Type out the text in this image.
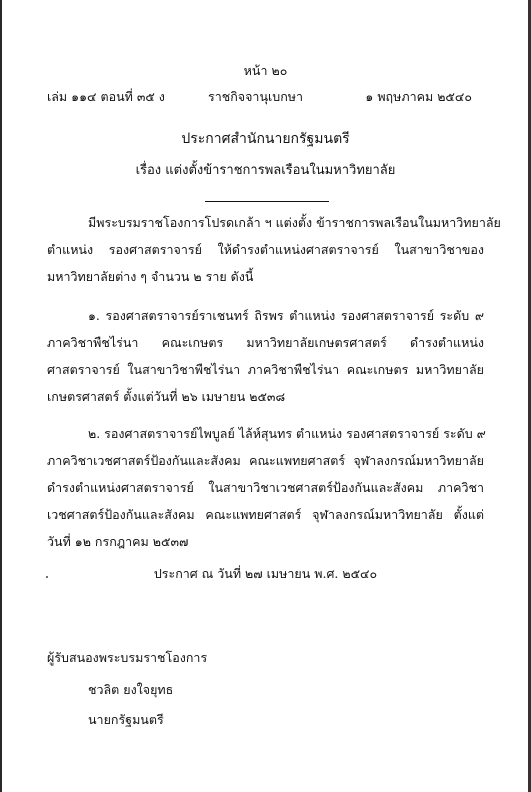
หน้า ๒๐
เล่ม ๑๑๔ ตอนที่ ๓๕ ง	ราชกิจจานุเบกษา	๑ พฤษภาคม ๒๕๔๐
ประกาศสำนักนายกรัฐมนตรี
เรื่อง แต่งตั้งข้าราชการพลเรือนในมหาวิทยาลัย
มีพระบรมราชโองการโปรดเกล้า ฯ แต่งตั้ง ข้าราชการพลเรือนในมหาวิทยาลัย
ตำแหน่ง รองศาสตราจารย์ ให้ดำรงตำแหน่งศาสตราจารย์ ในสาขาวิชาของ
มหาวิทยาลัยต่าง ๆ จำนวน ๒ ราย ดังนี้
๑. รองศาสตราจารย์ราเชนทร์ ถิรพร ตำแหน่ง รองศาสตราจารย์ ระดับ ๙
ภาควิชาพืชไร่นา คณะเกษตร มหาวิทยาลัยเกษตรศาสตร์ ดำรงตำแหน่ง
ศาสตราจารย์ ในสาขาวิชาพืชไร่นา ภาควิชาพืชไร่นา คณะเกษตร มหาวิทยาลัย
เกษตรศาสตร์ ตั้งแต่วันที่ ๒๖ เมษายน ๒๕๓๘
๒. รองศาสตราจารย์ไพบูลย์ ไล้ห์สุนทร ตำแหน่ง รองศาสตราจารย์ ระดับ ๙
ภาควิชาเวชศาสตร์ป้องกันและสังคม คณะแพทยศาสตร์ จุฬาลงกรณ์มหาวิทยาลัย
ดำรงตำแหน่งศาสตราจารย์ ในสาขาวิชาเวชศาสตร์ป้องกันและสังคม ภาควิชา
เวชศาสตร์ป้องกันและสังคม คณะแพทยศาสตร์ จุฬาลงกรณ์มหาวิทยาลัย ตั้งแต่
วันที่ ๑๒ กรกฎาคม ๒๕๓๗
ประกาศ ณ วันที่ ๒๗ เมษายน พ.ศ. ๒๕๔๐
ผู้รับสนองพระบรมราชโองการ
ชวลิต ยงใจยุทธ
นายกรัฐมนตรี
